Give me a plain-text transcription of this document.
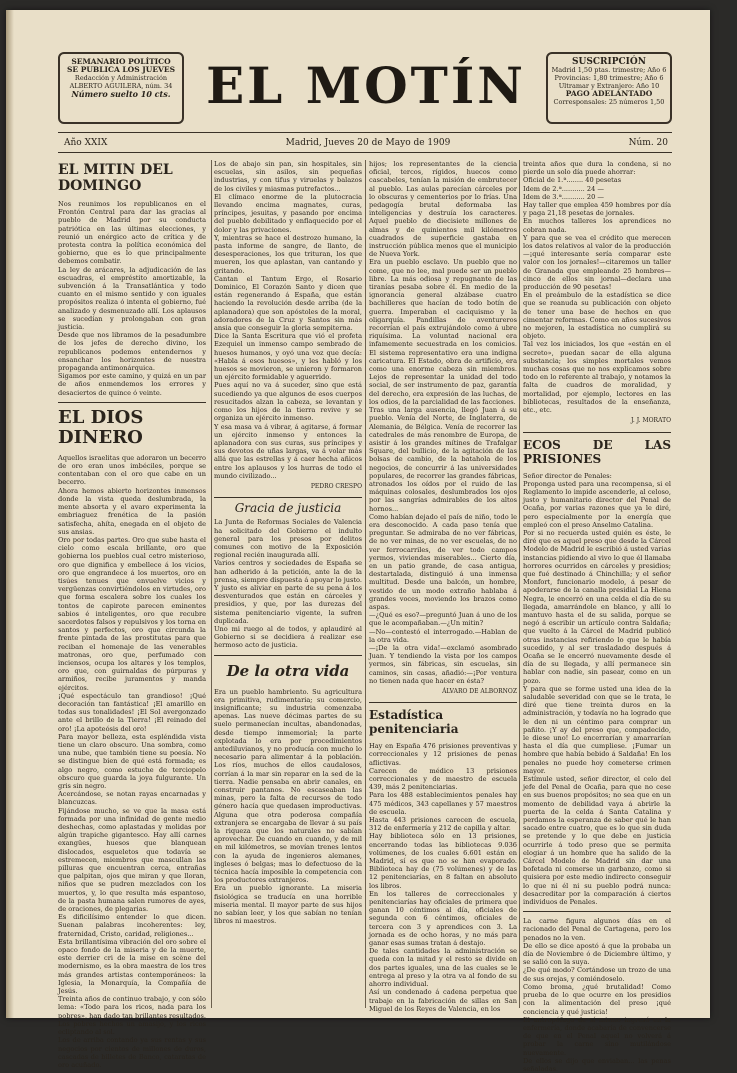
SEMANARIO POLÍTICO
SE PUBLICA LOS JUEVES
Redacción y Administración
ALBERTO AGUILERA, núm. 34
Número suelto 10 cts. EL MOTÍN	SUSCRIPCIÓN
Madrid 1,50 ptas. trimestre; Año 6
Provincias: 1,80 trimestre; Año 6
Ultramar y Extranjero: Año 10
PAGO ADELANTADO
Corresponsales: 25 números 1,50
Año XXIX	Madrid, Jueves 20 de Mayo de 1909	Núm. 20
EL MITIN DEL DOMINGO

Nos reunimos los republicanos en el Frontón Central para dar las gracias al pueblo de Madrid por su conducta patriótica en las últimas elecciones, y reunió un enérgico acto de crítica y de protesta contra la política económica del gobierno, que es lo que principalmente debemos combatir.

La ley de arácares, la adjudicación de las escuadras, el empréstito amortizable, la subvención á la Transatlántica y todo cuanto en el mismo sentido y con iguales propósitos realiza ó intenta el gobierno, fué analizado y desmenuzado allí. Los aplausos se sucedían y prolongaban con gran justicia.

Desde que nos libramos de la pesadumbre de los jefes de derecho divino, los republicanos podemos entendernos y ensanchar los horizontes de nuestra propaganda antimonárquica.

Sigamos por este camino, y quizá en un par de años enmendemos los errores y desaciertos de quince ó veinte.

EL DIOS DINERO

Aquellos israelitas que adoraron un becerro de oro eran unos imbéciles, porque se contentaban con el oro que cabe en un becerro.

Ahora hemos abierto horizontes inmensos donde la vista queda deslumbrada, la mente absorta y el avaro experimenta la embriaguez frenética de la pasión satisfecha, ahíta, enegada en el objeto de sus ansias.

Oro por todas partes. Oro que sube hasta el cielo como escala brillante, oro que gobierna los pueblos cual cetro misterioso, oro que dignifica y embellece á los vicios, oro que engrandece á los muertos, oro en tisúes tenues que envuelve vicios y vergüenzas convirtiéndolos en virtudes, oro que forma escalera sobre los cuales los tontos de capirote parecen eminentes sabios é inteligentes, oro que recubre sacerdotes falsos y repulsivos y los torna en santos y perfectos, oro que circunda la frente pintada de las prostitutas para que reciban el homenaje de las venerables matronas, oro que, perfumado con inciensos, ocupa los altares y los templos, oro que, con guirnaldas de púrpuras y armiños, recibe juramentos y manda ejércitos.

¡Qué espectáculo tan grandioso! ¡Qué decoración tan fantástica! ¡El amarillo en todas sus tonalidades! ¡El Sol avergonzado ante el brillo de la Tierra! ¡El reinado del oro! ¡La apoteósis del oro!

Para mayor belleza, esta espléndida vista tiene un claro obscuro. Una sombra, como una nube, que también tiene su poesía. No se distingue bien de qué está formada; es algo negro, como estuche de terciopelo obscuro que guarda la joya fulgurante. Un gris sin negro.

Acercándose, se notan rayas encarnadas y blancuzcas.

Fijándose mucho, se ve que la masa está formada por una infinidad de gente medio deshechas, como aplastadas y molidas por algún trapiche gigantesco. Hay allí carnes exangües, huesos que blanquean dislocados, esqueletos que todavía se estremecen, miembros que mascullan las pilluras que encuentran cerca, entrañas que palpitan, ojos que miran y que lloran, niños que se pudren mezclados con los muertos, y, lo que resulta más espantoso, de la pasta humana salen rumores de ayes, de oraciones, de plegarias.

Es dificilísimo entender lo que dicen. Suenan palabras incoherentes: ley, fraternidad, Cristo, caridad, religiones...

Esta brillantísima vibración del oro sobre el opaco fondo de la miseria y de la muerte, este derrier cri de la mise en scène del modernismo, es la obra maestra de los tres más grandes artistas contemporáneos: la Iglesia, la Monarquía, la Compañía de Jesús.

Treinta años de continuo trabajo, y con sólo lema: «Todo para los ricos, nada para los pobres», han dado tan brillantes resultados. Los pobres hechos un amasijo, y los ricos ecliptando al sol.

Los de arriba contando ya sus rentas y sus negocios por cientos de millones de duros, cascadas de billetes de Banco, cataratas de oro acuñado.

Los de abajo sin pan, sin hospitales, sin escuelas, sin asilos, sin pequeñas industrias, y con tifus y viruelas y balazos de los civiles y miasmas putrefactos...

El clímaco enorme de la plutocracia llevando encima magnates, curas, príncipes, jesuitas, y pasando por encima del pueblo debilitado y enflaquecido por el dolor y las privaciones.

Y, mientras se hace el destrozo humano, la pasta informe de sangre, de llanto, de desesperaciones, los que trituran, los que mueren, los que aplastan, van cantando y gritando.

Cantan el Tantum Ergo, el Rosario Dominico, El Corazón Santo y dicen que están regenerando á España, que están haciendo la revolución desde arriba (de la aplanadora) que son apóstoles de la moral, adoradores de la Cruz y Santos sin más ansia que conseguir la gloria sempiterna.

Dice la Santa Escritura que vió el profeta Ezequiel un inmenso campo sembrado de huesos humanos, y oyó una voz que decía: «Habla á esos huesos», y les habló y los huesos se movieron, se unieron y formaron un ejército formidable y aguerrido.

Pues aquí no va á suceder, sino que está sucediendo ya que algunos de esos cuerpos resucitados alzan la cabeza, se levantan y como los hijos de la tierra revive y se organiza un ejército inmenso.

Y esa masa va á vibrar, á agitarse, á formar un ejército inmenso y entonces la aplanadora con sus curas, sus príncipes y sus devotos de uñas largas, va á volar más allá que las estrellas y á caer hecha añicos entre los aplausos y los hurras de todo el mundo civilizado...

PEDRO CRESPO
Gracia de justicia

La Junta de Reformas Sociales de Valencia ha solicitado del Gobierno el indulto general para los presos por delitos comunes con motivo de la Exposición regional recién inaugurada allí.

Varios centros y sociedades de España se han adherido á la petición, ante la de la prensa, siempre dispuesta á apoyar lo justo. Y justo es aliviar en parte de su pena á los desventurados que están en cárceles y presidios, y que, por las durezas del sistema penitenciario vigente, la sufren duplicada.

Uno mi ruego al de todos, y aplaudiré al Gobierno si se decidiera á realizar ese hermoso acto de justicia.

De la otra vida

Era un pueblo hambriento. Su agricultura era primitiva, rudimentaria; su comercio, insignificante; su industria comenzaba apenas. Las nueve décimas partes de su suelo permanecían incultas, abandonadas, desde tiempo inmemorial; la parte explotada lo era por procedimientos antediluvianos, y no producía con mucho lo necesario para alimentar á la población. Los ríos, muchos de ellos caudalosos, corrían á la mar sin reparar en la sed de la tierra. Nadie pensaba en abrir canales, en construir pantanos. No escaseaban las minas, pero la falta de recursos de todo género hacía que quedasen improductivas. Alguna que otra poderosa compañía extranjera se encargaba de llevar á su país la riqueza que los naturales no sabían aprovechar. De cuando en cuando, y de mil en mil kilómetros, se movían trenes lentos con la ayuda de ingenieros alemanes, ingleses ó belgas; mas lo defectuoso de la técnica hacía imposible la competencia con los productores extranjeros.

Era un pueblo ignorante. La miseria fisiológica se traducía en una horrible miseria mental. Il mayor parte de sus hijos no sabían leer, y los que sabían no tenían libros ni maestros.

hijos; los representantes de la ciencia oficial, tercos, rígidos, huecos como cascabeles, tenían la misión de embrutecer al pueblo. Las aulas parecían cárceles por lo obscuras y cementerios por lo frías. Una pedagogía brutal deformaba las inteligencias y destruía los caracteres. Aquel pueblo de diecisiete millones de almas y de quinientos mil kilómetros cuadrados de superficie gastaba en instrucción pública menos que el municipio de Nueva York.

Era un pueblo esclavo. Un pueblo que no come, que no lee, mal puede ser un pueblo libre. La más odiosa y repugnante de las tiranías pesaba sobre él. En medio de la ignorancia general alzábase cuatro bachilleres que hacían de todo botín de guerra. Imperaban el caciquismo y la oligarquía. Pandillas de aventureros recorrían el país extrujándolo como á ubre riquísima. La voluntad nacional era infamemente secuestrada en los comicios. El sistema representativo era una indigna caricatura. El Estado, obra de artificio, era como una enorme cabeza sin miembros. Lejos de representar la unidad del todo social, de ser instrumento de paz, garantía del derecho, era expresión de las luchas, de los odios, de la parcialidad de las facciones.

Tras una larga ausencia, llegó Juan á su pueblo. Venía del Norte, de Inglaterra, de Alemania, de Bélgica. Venía de recorrer las catedrales de más renombre de Europa, de asistir á los grandes mítines de Trafalgar Square, del bullicio, de la agitación de las bolsas de cambio, de la batahola de los negocios, de concurrir á las universidades populares, de recorrer las grandes fábricas, atronados los oídos por el ruido de las máquinas colosales, deslumbrados los ojos por las sangrías admirables de los altos hornos...

Como habían dejado el país de niño, todo le era desconocido. A cada paso tenía que preguntar. Se admiraba de no ver fábricas, de no ver minas, de no ver escuelas, de no ver ferrocarriles, de ver todo campos yermos, viviendas miserables... Cierto día, en un patio grande, de casa antigua, destartalada, distinguió á una inmensa multitud. Desde una balcón, un hombre, vestido de un modo extraño hablaba á grandes voces, moviendo los brazos como aspas.

—¿Qué es eso?—preguntó Juan á uno de los que le acompañaban.—¿Un mitin?

—No—contestó el interrogado.—Hablan de la otra vida.

—¡De la otra vida!—exclamó asombrado Juan. Y tendiendo la vista por los campos yermos, sin fábricas, sin escuelas, sin caminos, sin casas, añadió:—¡Por ventura no tienen nada que hacer en ésta?

ÁLVARO DE ALBORNOZ
Estadística penitenciaria

Hay en España 476 prisiones preventivas y correccionales y 12 prisiones de penas aflictivas.

Carecen de médico 13 prisiones correccionales y de maestro de escuela 439, más 2 penitenciarias.

Para los 488 establecimientos penales hay 475 médicos, 343 capellanes y 57 maestros de escuela.

Hasta 443 prisiones carecen de escuela, 312 de enfermería y 212 de capilla y altar.

Hay biblioteca sólo en 13 prisiones, encerrando todas las bibliotecas 9.036 volúmenes, de los cuales 6.601 están en Madrid, sí es que no se han evaporado. Biblioteca hay de (75 volúmenes) y de las 12 penitenciarías, en 8 faltan en absoluto los libros.

En los talleres de correccionales y penitenciarías hay oficiales de primera que ganan 10 céntimos al día, oficiales de segunda con 6 céntimos, oficiales de tercera con 3 y aprendices con 3. La jornada es de ocho horas, y no más para ganar esas sumas tratan á destajo.

De tales cantidades la administración se queda con la mitad y el resto se divide en dos partes iguales, una de las cuales se le entrega al preso y la otra va al fondo de su ahorro individual.

Así un condenado á cadena perpetua que trabaje en la fabricación de sillas en San Miguel de los Reyes de Valencia, en los

treinta años que dura la condena, si no pierde un solo día puede ahorrar:

Oficial de 1.ª........ 40 pesetas

Idem de 2.ª........... 24 —

Idem de 3.ª........... 20 —

Hay taller que emplea 459 hombres por día y paga 21,18 pesetas de jornales.

En muchos talleres los aprendices no cobran nada.

Y para que se vea el crédito que merecen los datos relativos al valor de la producción—¡qué interesante sería comparar este valor con los jornales!—citaremos un taller de Granada que empleando 25 hombres—cinco de ellos sin jornal—declara una producción de 90 pesetas!

En el preámbulo de la estadística se dice que se reanuda su publicación con objeto de tener una base de hechos en que cimentar reformas. Como en años sucesivos no mejoren, la estadística no cumplirá su objeto.

Tal vez los iniciados, los que «están en el secreto», puedan sacar de ella alguna substancia; los simples mortales vemos muchas cosas que no nos explicamos sobre todo en lo referente al trabajo, y notamos la falta de cuadros de moralidad, y mortalidad, por ejemplo, lectores en las bibliotecas, resultados de la enseñanza, etc., etc.

J. J. MORATO
ECOS DE LAS PRISIONES

Señor director de Penales:

Proponga usted para una recompensa, si el Reglamento lo impide ascenderle, al celoso, justo y humanitario director del Penal de Ocaña, por varias razones que ya le diré, pero especialmente por la energía que empleó con el preso Anselmo Catalina.

Por si no recuerda usted quién es éste, le diré que es aquel preso que desde la Cárcel Modelo de Madrid le escribió á usted varias instancias pidiendo al vivo lo que él llamaba horrores ocurridos en cárceles y presidios; que fué destinado á Chinchilla; y el señor Monfort, funcionario modelo, á pesar de apoderarse de la canalla presidial La Hiena Negra, le encerró en una celda el día de su llegada, amarrándole en blanco, y allí lo mantuvo hasta el de su salida, porque se negó á escribir un artículo contra Saldaña; que vuelto á la Cárcel de Madrid publicó otras instancias refiriendo lo que le había sucedido, y al ser trasladado después á Ocaña se le encerró nuevamente desde el día de su llegada, y allí permanece sin hablar con nadie, sin pasear, como en un pozo.

Y para que se forme usted una idea de la saludable severidad con que se le trata, le diré que tiene treinta duros en la administración, y todavía no ha logrado que le den ni un céntimo para comprar un pañito. ¡Y ay del preso que, compadecido, le diese uno! Lo encerrarían y amarrarían hasta el día que cumpliese. ¡Fumar un hombre que había bebido á Saldaña! En los penales no puede hoy cometerse crimen mayor.

Estímule usted, señor director, el celo del jefe del Penal de Ocaña, para que no cese en sus buenos propósitos; no sea que en un momento de debilidad vaya á abrirle la puerta de la celda á Santa Catalina y perdamos la esperanza de saber qué le han sacado entre cuatro, que es lo que sin duda se pretende y lo que debe en justicia ocurrirle á todo preso que se permita elogiar á un hombre que ha salido de la Cárcel Modelo de Madrid sin dar una bofetada ni comerse un garbanzo, como si quisiera por este medio indirecto conseguir lo que ni él ni su pueblo podrá nunca: desacreditar por la comparación á ciertos individuos de Penales.

La carne figura algunos días en el racionado del Penal de Cartagena, pero los penados no la ven.

De ello se dice apostó á que la probaba un día de Noviembre ó de Diciembre último, y se salió con la suya.

¿De qué modo? Cortándose un trozo de una de sus orejas, y comiéndoselo.

Como broma, ¿qué brutalidad! Como prueba de lo que ocurre en los presidios con la alimentación del preso ¡qué conciencia y qué justicia!

El antropófago de sí mismo ingresó en la enfermería, donde acabaría de convencerse de que en el Penal aquel no volverá á probar la carne sino mutilándose nuevamente.

De ellos se dijo que enviaban... las penas señaladas.
